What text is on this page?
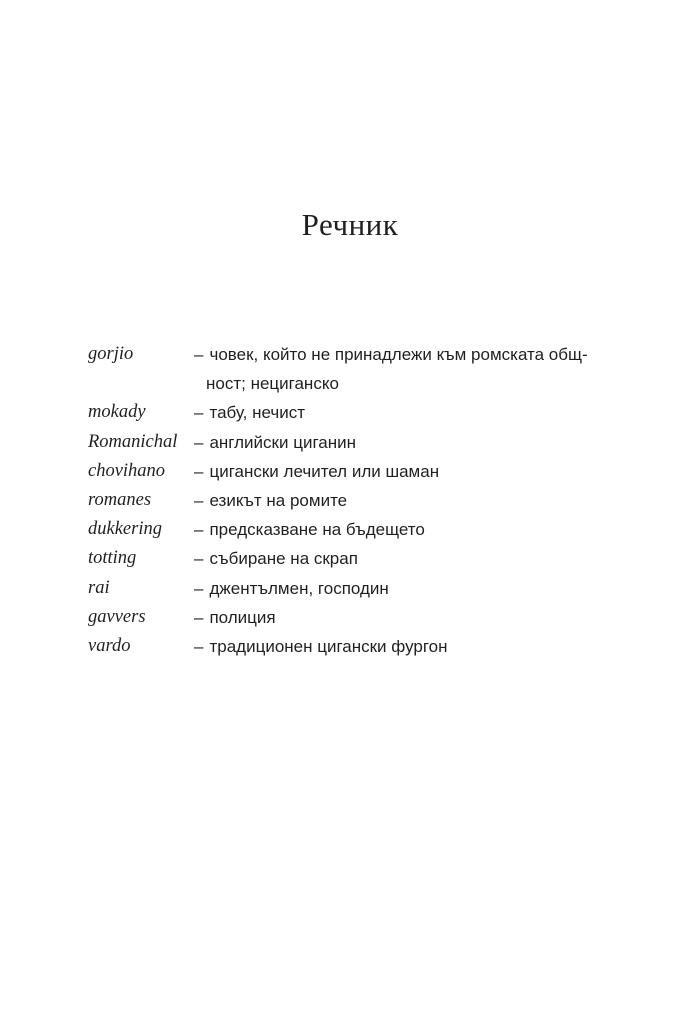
Речник
gorjio	– човек, който не принадлежи към ромската общ-
ност; нециганско
mokady	– табу, нечист
Romanichal – английски циганин
chovihano	– цигански лечител или шаман
romanes	– езикът на ромите
dukkering	– предсказване на бъдещето
totting	– събиране на скрап
rai	– джентълмен, господин
gavvers	– полиция
vardo	– традиционен цигански фургон
